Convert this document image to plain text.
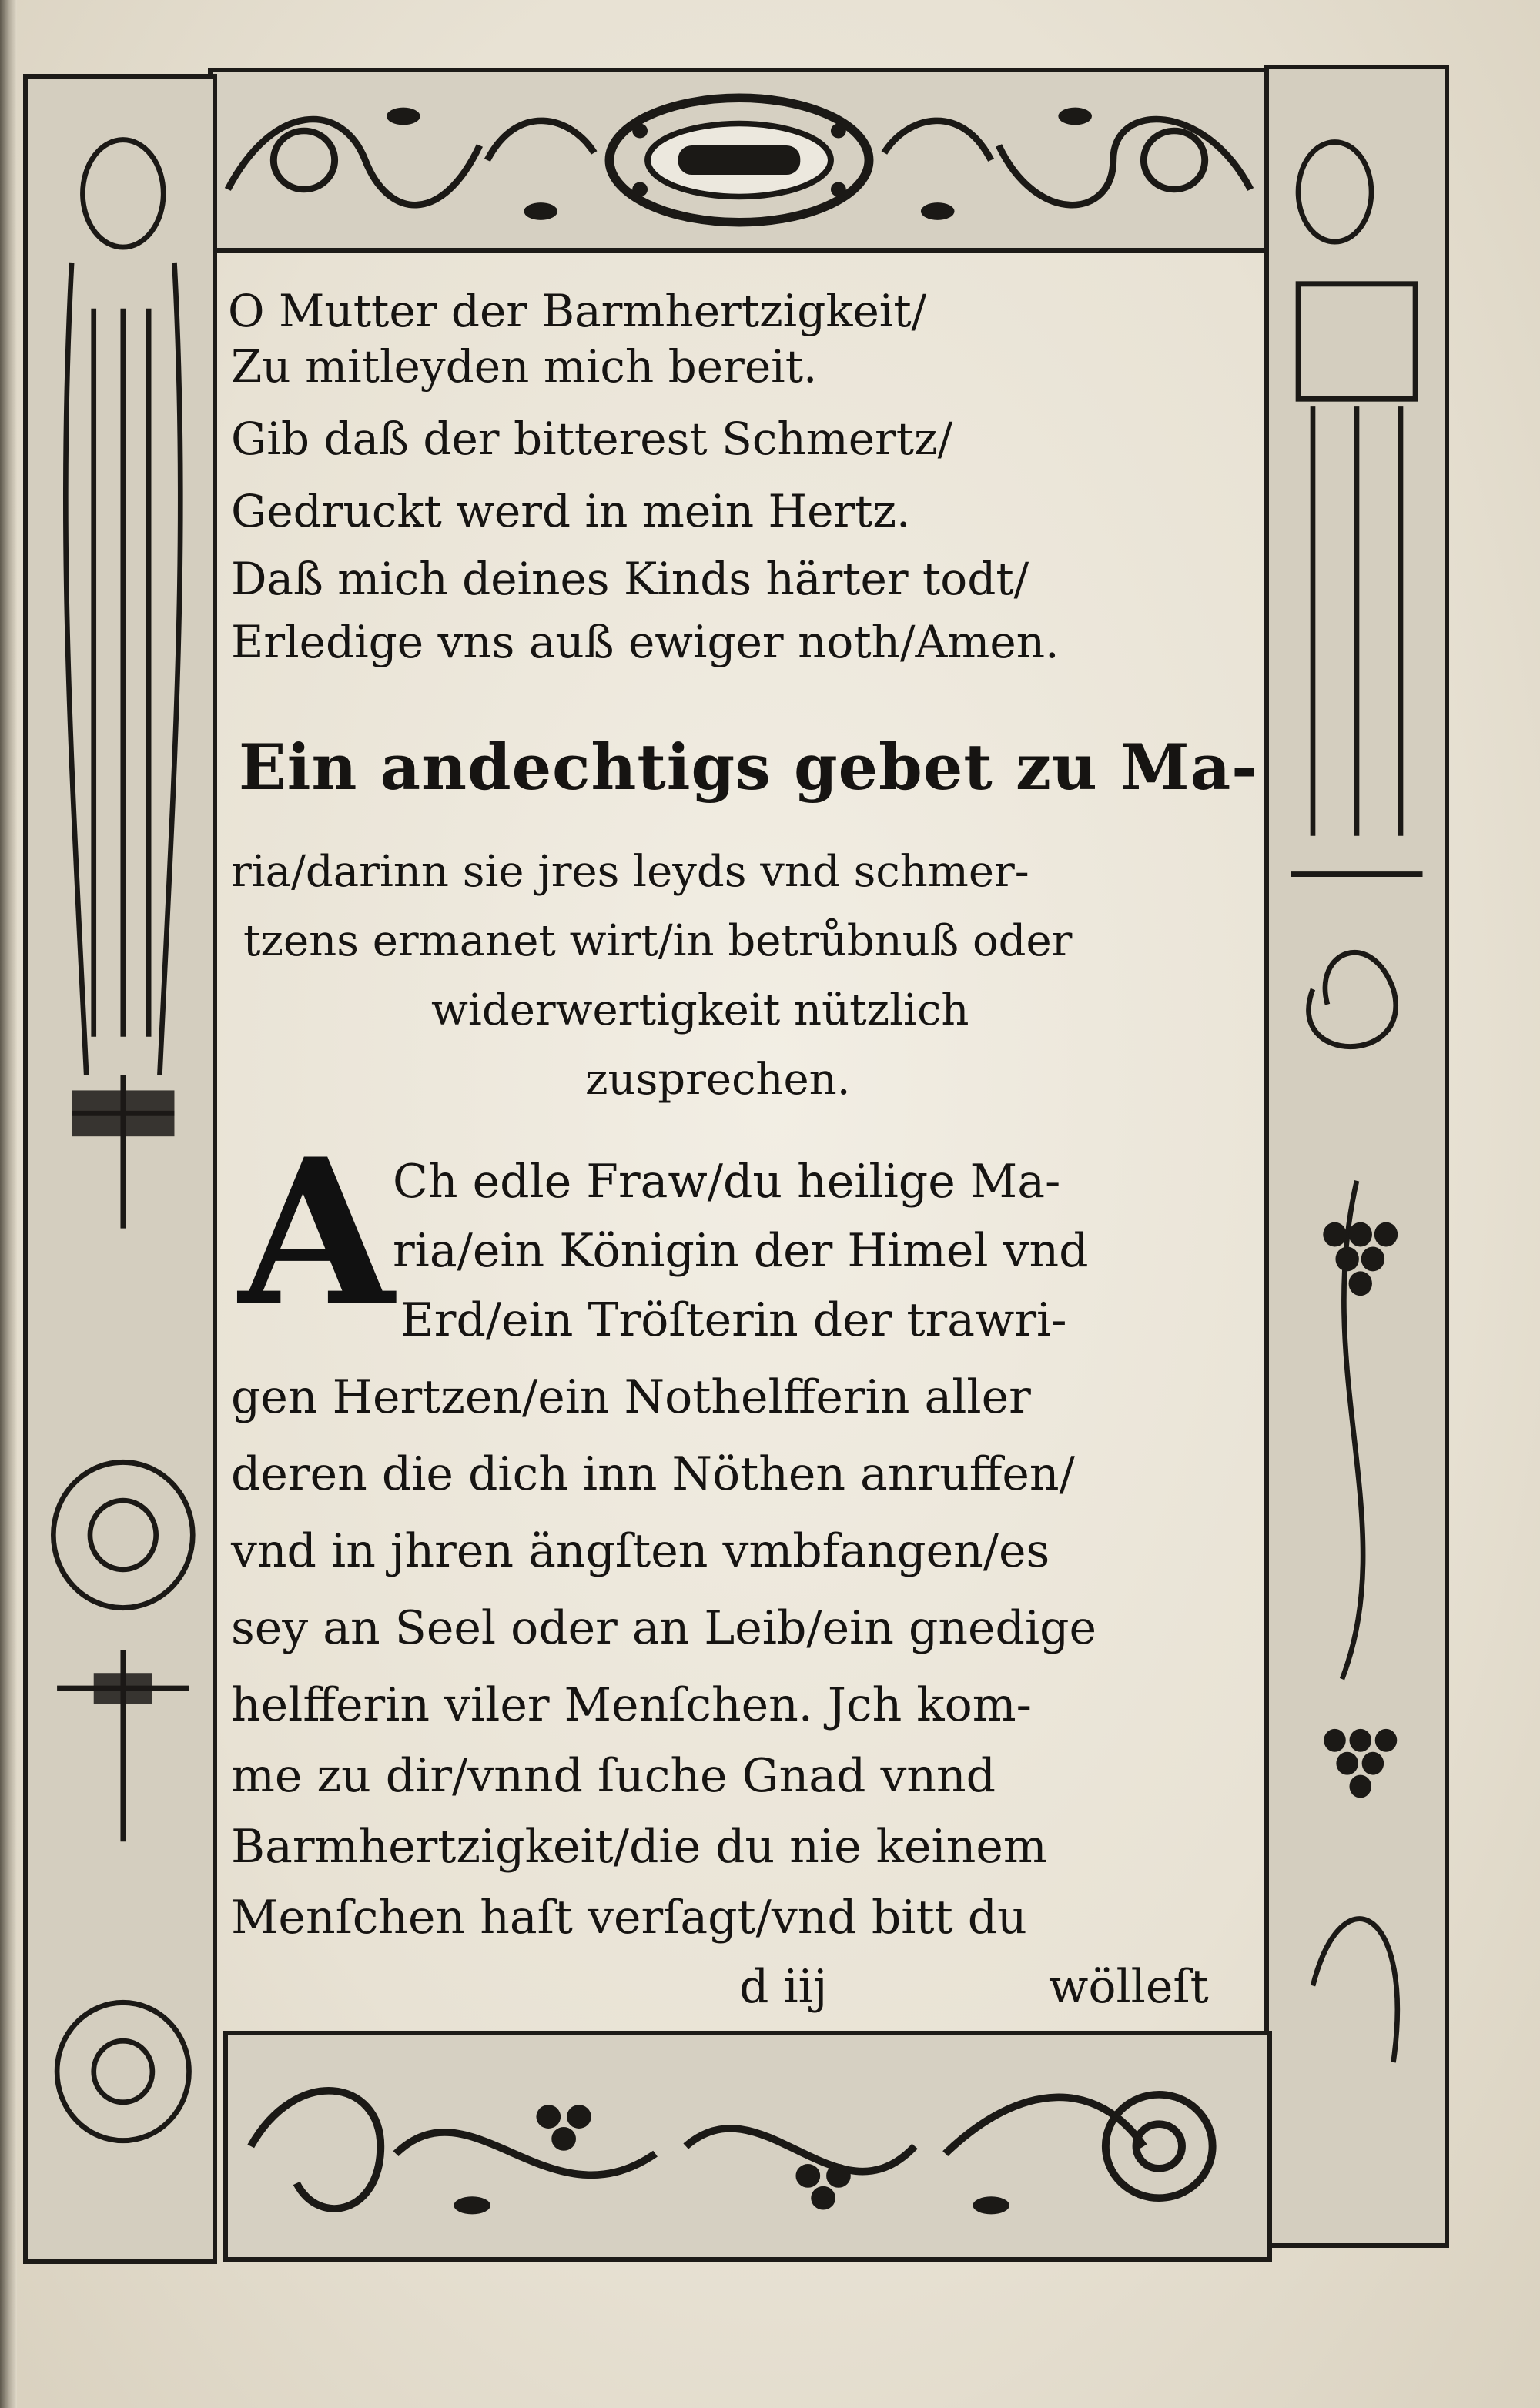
O Mutter der Barmhertzigkeit/
Zu mitleyden mich bereit.
Gib daß der bitterest Schmertz/
Gedruckt werd in mein Hertz.
Daß mich deines Kinds härter todt/
Erledige vns auß ewiger noth/Amen.
Ein andechtigs gebet zu Ma-
ria/darinn sie jres leyds vnd schmer-
tzens ermanet wirt/in betrůbnuß oder
widerwertigkeit nützlich
zusprechen.
A
Ch edle Fraw/du heilige Ma-
ria/ein Königin der Himel vnd
Erd/ein Tröſterin der trawri-
gen Hertzen/ein Nothelfferin aller
deren die dich inn Nöthen anruffen/
vnd in jhren ängſten vmbfangen/es
sey an Seel oder an Leib/ein gnedige
helfferin viler Menſchen. Jch kom-
me zu dir/vnnd ſuche Gnad vnnd
Barmhertzigkeit/die du nie keinem
Menſchen haſt verſagt/vnd bitt du
d iij	wölleſt
